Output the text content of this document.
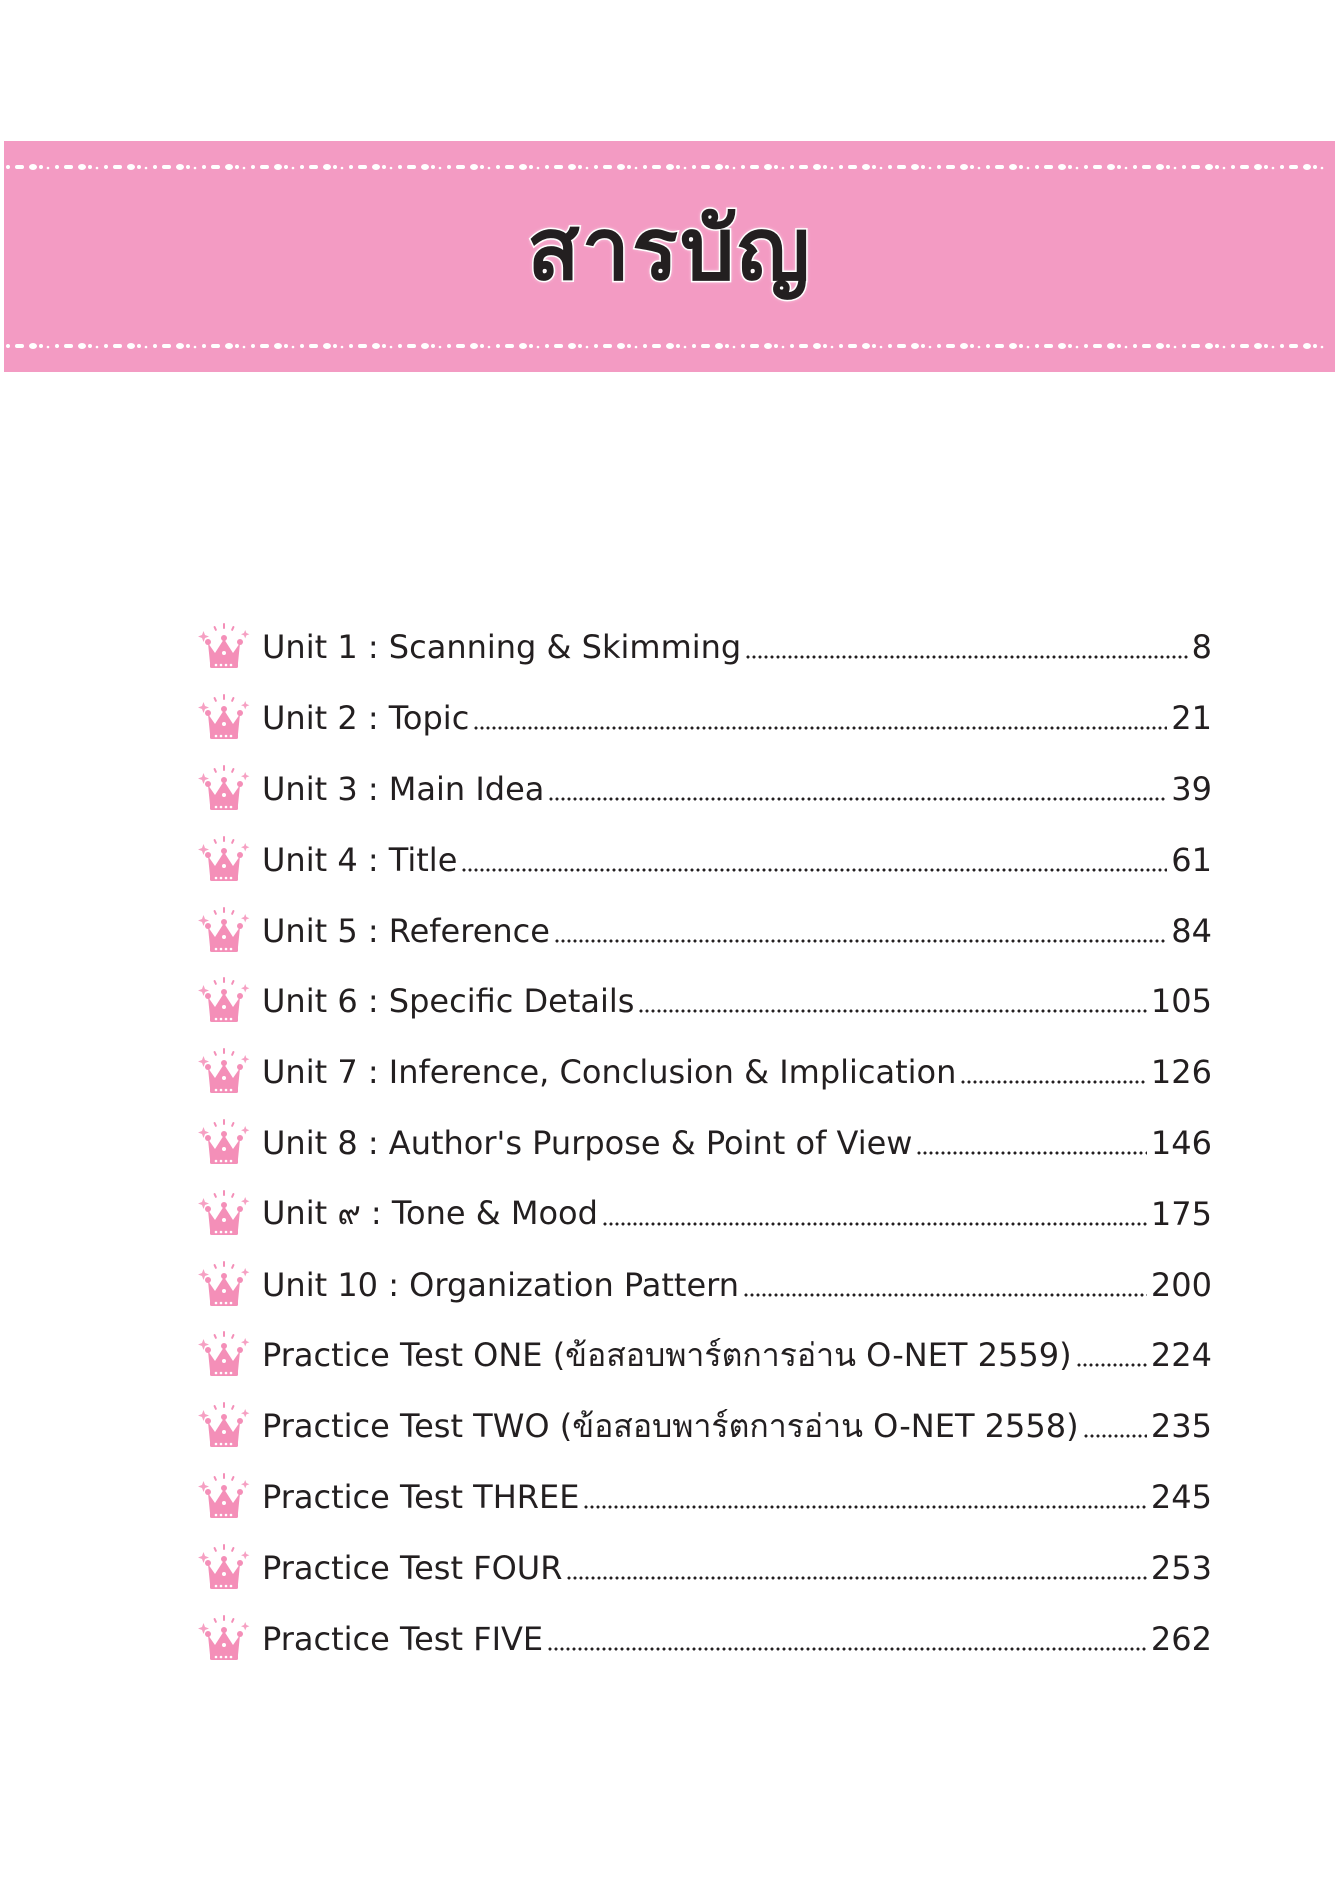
สารบัญ
Unit 1 : Scanning & Skimming	8
Unit 2 : Topic	21
Unit 3 : Main Idea	39
Unit 4 : Title	61
Unit 5 : Reference	84
Unit 6 : Specific Details	105
Unit 7 : Inference, Conclusion & Implication	126
Unit 8 : Author's Purpose & Point of View	146
Unit ๙ : Tone & Mood	175
Unit 10 : Organization Pattern	200
Practice Test ONE (ข้อสอบพาร์ตการอ่าน O-NET 2559) 224
Practice Test TWO (ข้อสอบพาร์ตการอ่าน O-NET 2558) 235
Practice Test THREE	245
Practice Test FOUR	253
Practice Test FIVE	262
